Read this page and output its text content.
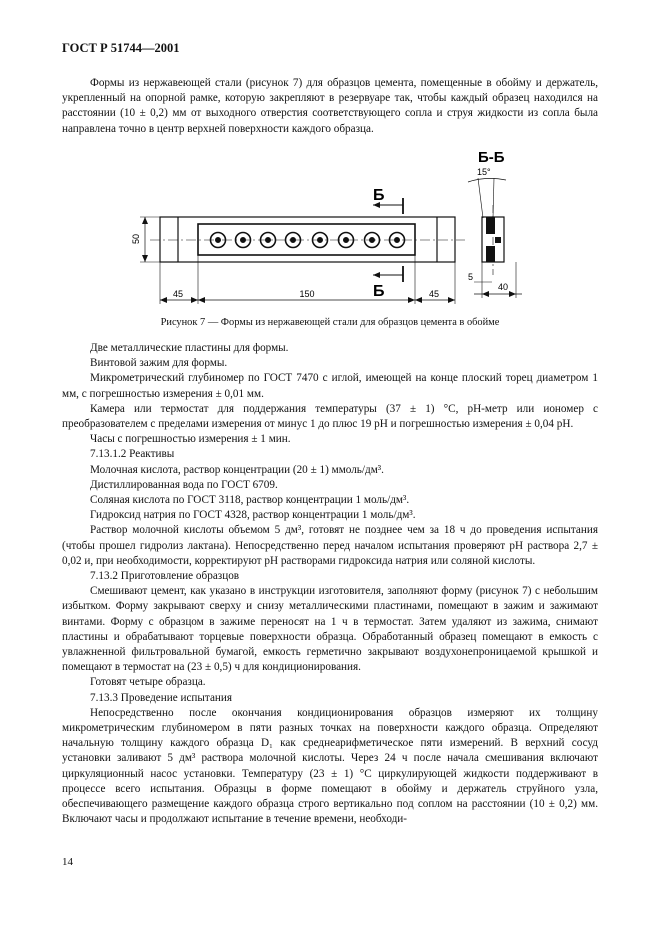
ГОСТ Р 51744—2001

Формы из нержавеющей стали (рисунок 7) для образцов цемента, помещенные в обойму и держатель, укрепленный на опорной рамке, которую закрепляют в резервуаре так, чтобы каждый образец находился на расстоянии (10 ± 0,2) мм от выходного отверстия соответствующего сопла и струя жидкости из сопла была направлена точно в центр верхней поверхности каждого образца.

Б-Б
Б
Б
50
45	150	45
40
15°
5
Рисунок 7 — Формы из нержавеющей стали для образцов цемента в обойме

Две металлические пластины для формы.

Винтовой зажим для формы.

Микрометрический глубиномер по ГОСТ 7470 с иглой, имеющей на конце плоский торец диаметром 1 мм, с погрешностью измерения ± 0,01 мм.

Камера или термостат для поддержания температуры (37 ± 1) °С, рН-метр или иономер с преобразователем с пределами измерения от минус 1 до плюс 19 рН и погрешностью измерения ± 0,04 рН.

Часы с погрешностью измерения ± 1 мин.

7.13.1.2 Реактивы

Молочная кислота, раствор концентрации (20 ± 1) ммоль/дм³.

Дистиллированная вода по ГОСТ 6709.

Соляная кислота по ГОСТ 3118, раствор концентрации 1 моль/дм³.

Гидроксид натрия по ГОСТ 4328, раствор концентрации 1 моль/дм³.

Раствор молочной кислоты объемом 5 дм³, готовят не позднее чем за 18 ч до проведения испытания (чтобы прошел гидролиз лактана). Непосредственно перед началом испытания проверяют рН раствора 2,7 ± 0,02 и, при необходимости, корректируют рН растворами гидроксида натрия или соляной кислоты.

7.13.2 Приготовление образцов

Смешивают цемент, как указано в инструкции изготовителя, заполняют форму (рисунок 7) с небольшим избытком. Форму закрывают сверху и снизу металлическими пластинами, помещают в зажим и зажимают винтами. Форму с образцом в зажиме переносят на 1 ч в термостат. Затем удаляют из зажима, снимают пластины и обрабатывают торцевые поверхности образца. Обработанный образец помещают в емкость с увлажненной фильтровальной бумагой, емкость герметично закрывают воздухонепроницаемой крышкой и помещают в термостат на (23 ± 0,5) ч для кондиционирования.

Готовят четыре образца.

7.13.3 Проведение испытания

Непосредственно после окончания кондиционирования образцов измеряют их толщину микрометрическим глубиномером в пяти разных точках на поверхности каждого образца. Определяют начальную толщину каждого образца D₁ как среднеарифметическое пяти измерений. В верхний сосуд установки заливают 5 дм³ раствора молочной кислоты. Через 24 ч после начала смешивания включают циркуляционный насос установки. Температуру (23 ± 1) °С циркулирующей жидкости поддерживают в процессе всего испытания. Образцы в форме помещают в обойму и держатель струйного узла, обеспечивающего размещение каждого образца строго вертикально под соплом на расстоянии (10 ± 0,2) мм. Включают часы и продолжают испытание в течение времени, необходи-

14
